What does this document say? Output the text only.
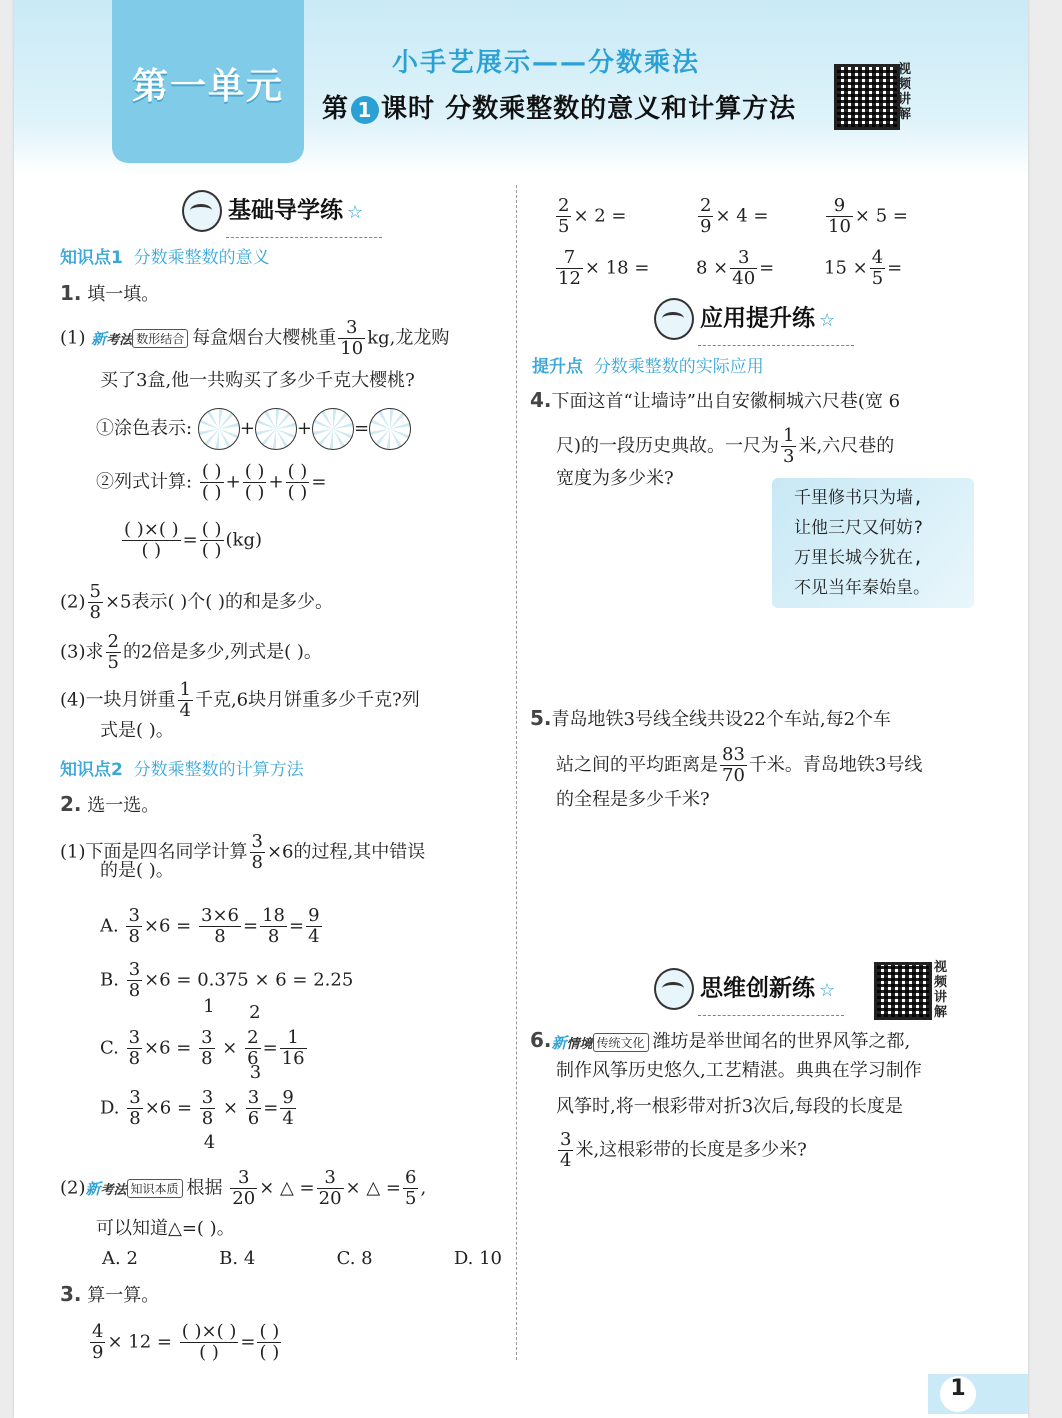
第一单元
小手艺展示——分数乘法
第 1 课时 分数乘整数的意义和计算方法
视频讲解
基础导学练 ☆
知识点1 分数乘整数的意义
1. 填一填。
(1) 新考法 数形结合 每盒烟台大樱桃重 $\frac{3}{10}$ kg,龙龙购
买了3盒,他一共购买了多少千克大樱桃?
①涂色表示:	+ + =
②列式计算: ( )
( ) + ( )
( ) + ( )
( ) =
( )×( )
( )	= ( )
( ) (kg)
$(2) \frac{5}{8} \times 5$表示( )个( )的和是多少。
(3)求 $\frac{2}{5}$ 的2倍是多少,列式是( )。
(4)一块月饼重 $\frac{1}{4}$ 千克,6块月饼重多少千克?列
式是( )。
知识点2 分数乘整数的计算方法
2. 选一选。
(1)下面是四名同学计算 $\frac{3}{8} \times 6$的过程,其中错误
的是( )。
A. $\frac{3}{8} \times 6 = \frac{3\times 6}{8} = \frac{18}{8} = \frac{9}{4}$
B. $\frac{3}{8} \times 6 = 0.375 \times 6 = 2.25$
C. $\frac{3}{8} \times 6$ =
1
$\frac{3}{8}$ ×
2
$\frac{2}{6} = \frac{1}{16}$
D. $\frac{3}{8} \times 6$ =
4
$\frac{3}{8}$ ×
3
$\frac{3}{6} = \frac{9}{4}$
(2)新考法 知识本质 根据 $\frac{3}{20}$ × △ = $\frac{3}{20}$ × △ = $\frac{6}{5}$ ,
可以知道△=( )。
A. 2	B. 4	C. 8	D. 10
3. 算一算。
$\frac{4}{9} \times 12$ = ( )×( )
( )	= ( )
( )
$\frac{2}{5} \times 2$ =	$\frac{2}{9} \times 4$ =	$\frac{9}{10} \times 5$ =
$\frac{7}{12} \times 18$ =	$8 \times \frac{3}{40}$ =	$15 \times \frac{4}{5}$ =
应用提升练 ☆
提升点 分数乘整数的实际应用
4.下面这首“让墙诗”出自安徽桐城六尺巷(宽 6
尺)的一段历史典故。一尺为 $\frac{1}{3}$ 米,六尺巷的
宽度为多少米?
千里修书只为墙,
让他三尺又何妨?
万里长城今犹在,
不见当年秦始皇。
5.青岛地铁3号线全线共设22个车站,每2个车
站之间的平均距离是 $\frac{83}{70}$ 千米。青岛地铁3号线
的全程是多少千米?
思维创新练 ☆
视频讲解
6.新情境 传统文化 潍坊是举世闻名的世界风筝之都,
制作风筝历史悠久,工艺精湛。典典在学习制作
风筝时,将一根彩带对折3次后,每段的长度是
$\frac{3}{4}$ 米,这根彩带的长度是多少米?
1
